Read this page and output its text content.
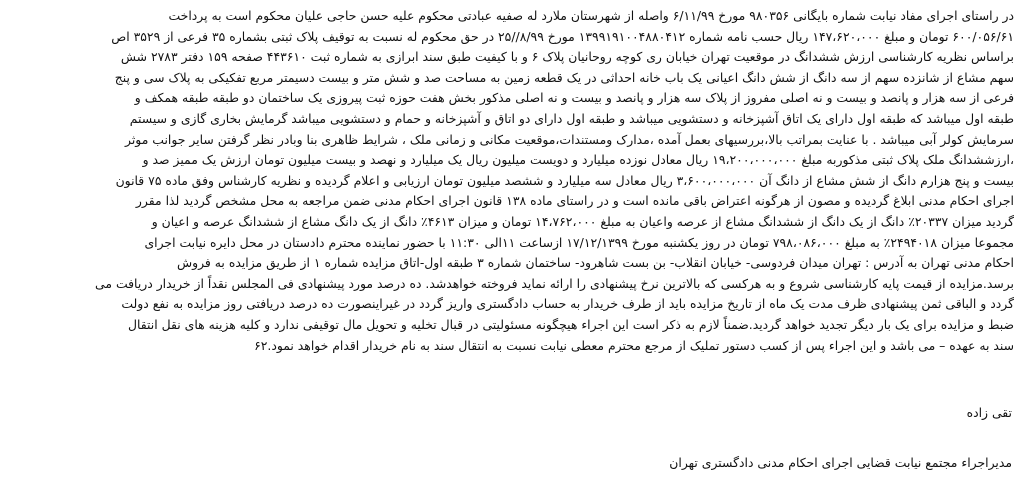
در راستای اجرای مفاد نیابت شماره بایگانی ۹۸۰۳۵۶ مورخ ۶/۱۱/۹۹ واصله از شهرستان ملارد له صفیه عبادتی محکوم علیه حسن حاجی علیان محکوم است به پرداخت
۶۰۰/۰۵۶/۶۱ تومان و مبلغ ۱۴۷،۶۲۰،۰۰۰ ریال حسب نامه شماره ۱۳۹۹۱۹۱۰۰۴۸۸۰۴۱۲ مورخ ۸/۹۹//۲۵ در حق محکوم له نسبت به توقیف پلاک ثبتی بشماره ۳۵ فرعی از ۳۵۲۹ اص
براساس نظریه کارشناسی ارزش ششدانگ در موقعیت تهران خیابان ری کوچه روحانیان پلاک ۶ و با کیفیت طبق سند ابرازی به شماره ثبت ۴۴۳۶۱۰ صفحه ۱۵۹ دفتر ۲۷۸۳ شش
سهم مشاع از شانزده سهم از سه دانگ از شش دانگ اعیانی یک باب خانه احداثی در یک قطعه زمین به مساحت صد و شش متر و بیست دسیمتر مربع تفکیکی به پلاک سی و پنج
فرعی از سه هزار و پانصد و بیست و نه اصلی مفروز از پلاک سه هزار و پانصد و بیست و نه اصلی مذکور بخش هفت حوزه ثبت پیروزی یک ساختمان دو طبقه طبقه همکف و
طبقه اول میباشد که طبقه اول دارای یک اتاق آشپزخانه و دستشویی میباشد و طبقه اول دارای دو اتاق و آشپزخانه و حمام و دستشویی میباشد گرمایش بخاری گازی و سیستم
سرمایش کولر آبی میباشد . با عنایت بمراتب بالا،بررسیهای بعمل آمده ،مدارک ومستندات،موقعیت مکانی و زمانی ملک ، شرایط ظاهری بنا وبادر نظر گرفتن سایر جوانب موثر
،ارزششدانگ ملک پلاک ثبتی مذکوربه مبلغ ۱۹،۲۰۰،۰۰۰،۰۰۰ ریال معادل نوزده میلیارد و دویست میلیون ریال یک میلیارد و نهصد و بیست میلیون تومان ارزش یک ممیز صد و
بیست و پنج هزارم دانگ از شش مشاع از دانگ آن ۳،۶۰۰،۰۰۰،۰۰۰ ریال معادل سه میلیارد و ششصد میلیون تومان ارزیابی و اعلام گردیده و نظریه کارشناس وفق ماده ۷۵ قانون
اجرای احکام مدنی ابلاغ گردیده و مصون از هرگونه اعتراض باقی مانده است و در راستای ماده ۱۳۸ قانون اجرای احکام مدنی ضمن مراجعه به محل مشخص گردید لذا مقرر
گردید میزان ۲۰۳۳۷٪ دانگ از یک دانگ از ششدانگ مشاع از عرصه واعیان به مبلغ ۱۴،۷۶۲،۰۰۰ تومان و میزان ۴۶۱۳٪ دانگ از یک دانگ مشاع از ششدانگ عرصه و اعیان و
مجموعا میزان ۲۴۹۴۰۱۸٪ به مبلغ ۷۹۸،۰۸۶،۰۰۰ تومان در روز یکشنبه مورخ ۱۷/۱۲/۱۳۹۹ ازساعت ۱۱الی ۱۱:۳۰ با حضور نماینده محترم دادستان در محل دایره نیابت اجرای
احکام مدنی تهران به آدرس : تهران میدان فردوسی- خیابان انقلاب- بن بست شاهرود- ساختمان شماره ۳ طبقه اول-اتاق مزایده شماره ۱ از طریق مزایده به فروش
برسد.مزایده از قیمت پایه کارشناسی شروع و به هرکسی که بالاترین نرخ پیشنهادی را ارائه نماید فروخته خواهدشد. ده درصد مورد پیشنهادی فی المجلس نقداً از خریدار دریافت می
گردد و الباقی ثمن پیشنهادی ظرف مدت یک ماه از تاریخ مزایده باید از طرف خریدار به حساب دادگستری واریز گردد در غیراینصورت ده درصد دریافتی روز مزایده به نفع دولت
ضبط و مزایده برای یک بار دیگر تجدید خواهد گردید.ضمناً لازم به ذکر است این اجراء هیچگونه مسئولیتی در قبال تخلیه و تحویل مال توقیفی ندارد و کلیه هزینه های نقل انتقال
سند به عهده – می باشد و این اجراء پس از کسب دستور تملیک از مرجع محترم معطی نیابت نسبت به انتقال سند به نام خریدار اقدام خواهد نمود.۶۲
تقی زاده
مدیراجراء مجتمع نیابت قضایی اجرای احکام مدنی دادگستری تهران
